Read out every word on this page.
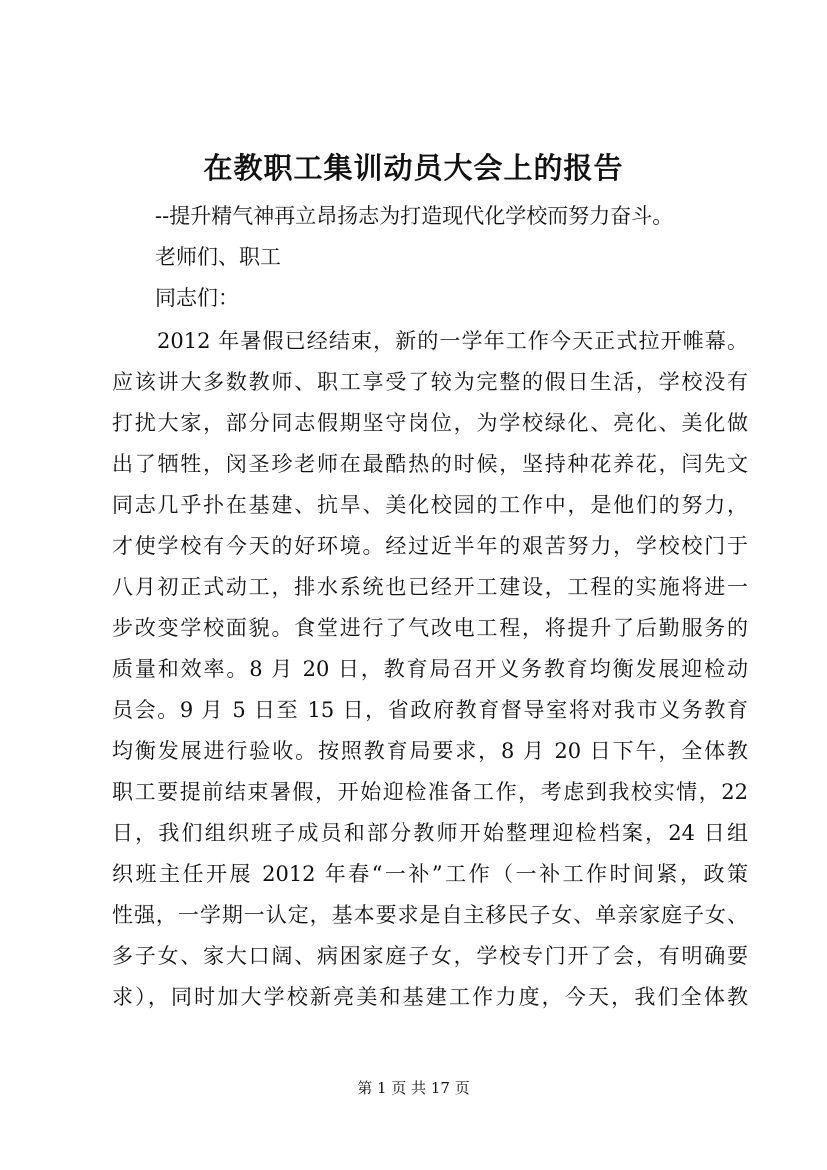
在教职工集训动员大会上的报告
--提升精气神再立昂扬志为打造现代化学校而努力奋斗。
老师们、职工
同志们：
2012 年暑假已经结束，新的一学年工作今天正式拉开帷幕。
应该讲大多数教师、职工享受了较为完整的假日生活，学校没有
打扰大家，部分同志假期坚守岗位，为学校绿化、亮化、美化做
出了牺牲，闵圣珍老师在最酷热的时候，坚持种花养花，闫先文
同志几乎扑在基建、抗旱、美化校园的工作中，是他们的努力，
才使学校有今天的好环境。经过近半年的艰苦努力，学校校门于
八月初正式动工，排水系统也已经开工建设，工程的实施将进一
步改变学校面貌。食堂进行了气改电工程，将提升了后勤服务的
质量和效率。8 月 20 日，教育局召开义务教育均衡发展迎检动
员会。9 月 5 日至 15 日，省政府教育督导室将对我市义务教育
均衡发展进行验收。按照教育局要求，8 月 20 日下午，全体教
职工要提前结束暑假，开始迎检准备工作，考虑到我校实情，22
日，我们组织班子成员和部分教师开始整理迎检档案，24 日组
织班主任开展 2012 年春“一补”工作（一补工作时间紧，政策
性强，一学期一认定，基本要求是自主移民子女、单亲家庭子女、
多子女、家大口阔、病困家庭子女，学校专门开了会，有明确要
求），同时加大学校新亮美和基建工作力度，今天，我们全体教
第 1 页 共 17 页
